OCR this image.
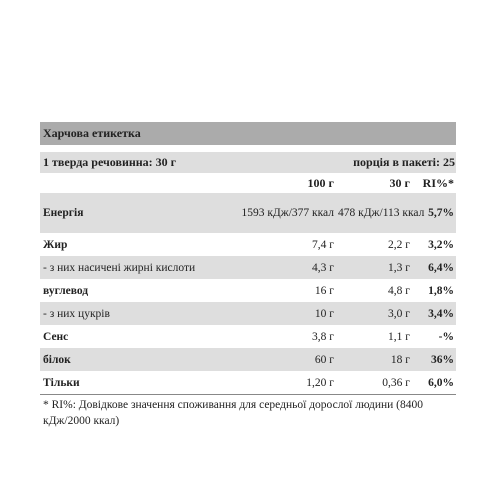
Харчова етикетка
1 тверда речовинна: 30 г	порція в пакеті: 25
	100 г	30 г	RI%*
Енергія	1593 кДж/377 ккал	478 кДж/113 ккал	5,7%
Жир	7,4 г	2,2 г	3,2%
- з них насичені жирні кислоти	4,3 г	1,3 г	6,4%
вуглевод	16 г	4,8 г	1,8%
- з них цукрів	10 г	3,0 г	3,4%
Сенс	3,8 г	1,1 г	-%
білок	60 г	18 г	36%
Тільки	1,20 г	0,36 г	6,0%
* RI%: Довідкове значення споживання для середньої дорослої людини (8400 кДж/2000 ккал)
